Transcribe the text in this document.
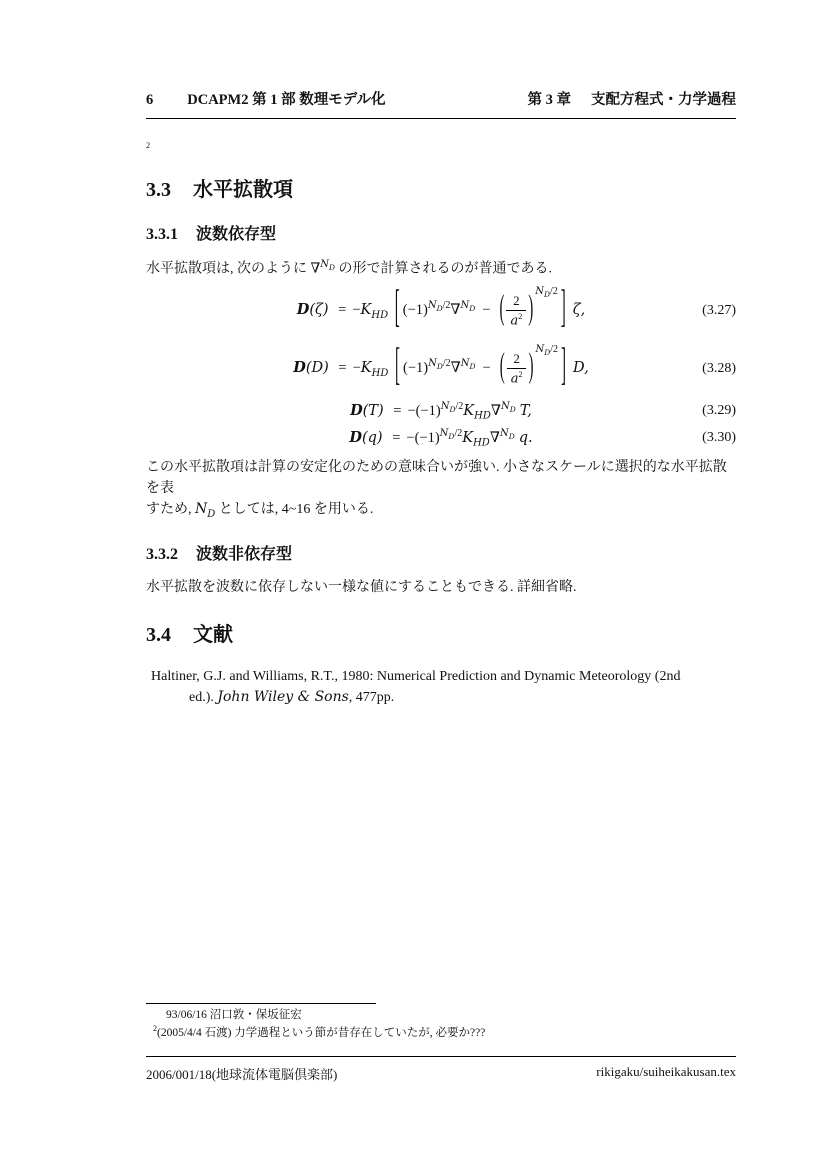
6 DCAPM2 第 1 部 数理モデル化	第 3 章 支配方程式・力学過程
$^2$
3.3 水平拡散項
3.3.1 波数依存型

水平拡散項は, 次のように ∇$^{N_D}$ の形で計算されるのが普通である.

$D(\zeta) = -K_{HD}$ [ $(-1)^{N_D/2}\nabla^{N_D}$ − ( $\frac{2}{a^2}$ ) $^{N_D/2}$ ] ζ,	(3.27)
$D(D) = -K_{HD}$ [ $(-1)^{N_D/2}\nabla^{N_D}$ − ( $\frac{2}{a^2}$ ) $^{N_D/2}$ ] D,	(3.28)
$D(T) = -(-1)^{N_D/2}K_{HD}\nabla^{N_D}$ T,	(3.29)
$D(q) = -(-1)^{N_D/2}K_{HD}\nabla^{N_D}$ q.	(3.30)
この水平拡散項は計算の安定化のための意味合いが強い. 小さなスケールに選択的な水平拡散を表
すため, $N_D$ としては, 4~16 を用いる.
3.3.2 波数非依存型

水平拡散を波数に依存しない一様な値にすることもできる. 詳細省略.

3.4 文献
Haltiner, G.J. and Williams, R.T., 1980: Numerical Prediction and Dynamic Meteorology (2nd
ed.). John Wiley & Sons, 477pp.
93/06/16 沼口敦・保坂征宏
$^2$(2005/4/4 石渡) 力学過程という節が昔存在していたが, 必要か???
2006/001/18(地球流体電脳倶楽部)	rikigaku/suiheikakusan.tex
